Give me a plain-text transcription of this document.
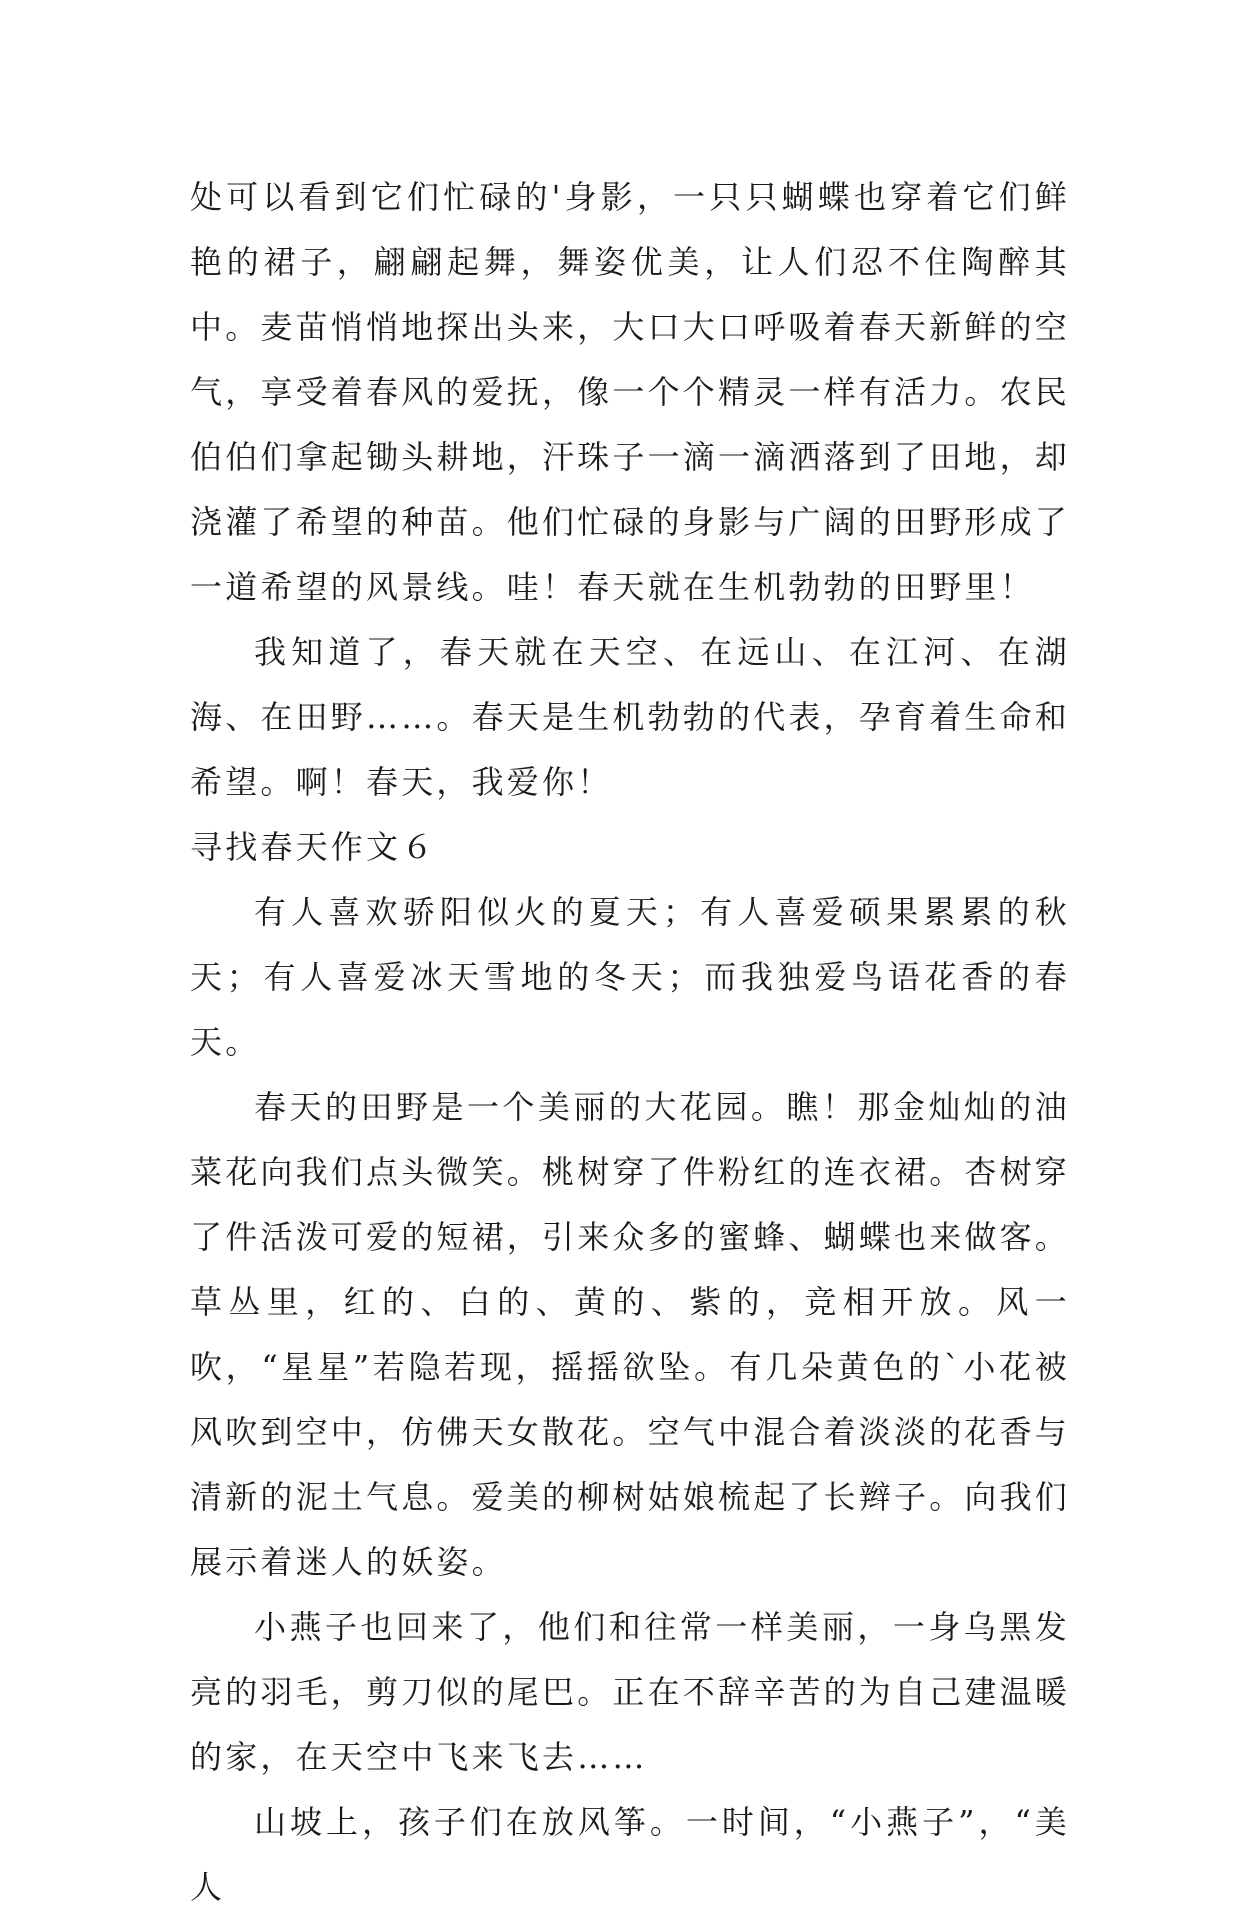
处可以看到它们忙碌的'身影，一只只蝴蝶也穿着它们鲜艳的裙子，翩翩起舞，舞姿优美，让人们忍不住陶醉其中。麦苗悄悄地探出头来，大口大口呼吸着春天新鲜的空气，享受着春风的爱抚，像一个个精灵一样有活力。农民伯伯们拿起锄头耕地，汗珠子一滴一滴洒落到了田地，却浇灌了希望的种苗。他们忙碌的身影与广阔的田野形成了一道希望的风景线。哇！春天就在生机勃勃的田野里！

我知道了，春天就在天空、在远山、在江河、在湖海、在田野……。春天是生机勃勃的代表，孕育着生命和希望。啊！春天，我爱你！

寻找春天作文６

有人喜欢骄阳似火的夏天；有人喜爱硕果累累的秋天；有人喜爱冰天雪地的冬天；而我独爱鸟语花香的春天。

春天的田野是一个美丽的大花园。瞧！那金灿灿的油菜花向我们点头微笑。桃树穿了件粉红的连衣裙。杏树穿了件活泼可爱的短裙，引来众多的蜜蜂、蝴蝶也来做客。草丛里，红的、白的、黄的、紫的，竞相开放。风一吹，“星星”若隐若现，摇摇欲坠。有几朵黄色的`小花被风吹到空中，仿佛天女散花。空气中混合着淡淡的花香与清新的泥土气息。爱美的柳树姑娘梳起了长辫子。向我们展示着迷人的妖姿。

小燕子也回来了，他们和往常一样美丽，一身乌黑发亮的羽毛，剪刀似的尾巴。正在不辞辛苦的为自己建温暖的家，在天空中飞来飞去……

山坡上，孩子们在放风筝。一时间，“小燕子”，“美人
